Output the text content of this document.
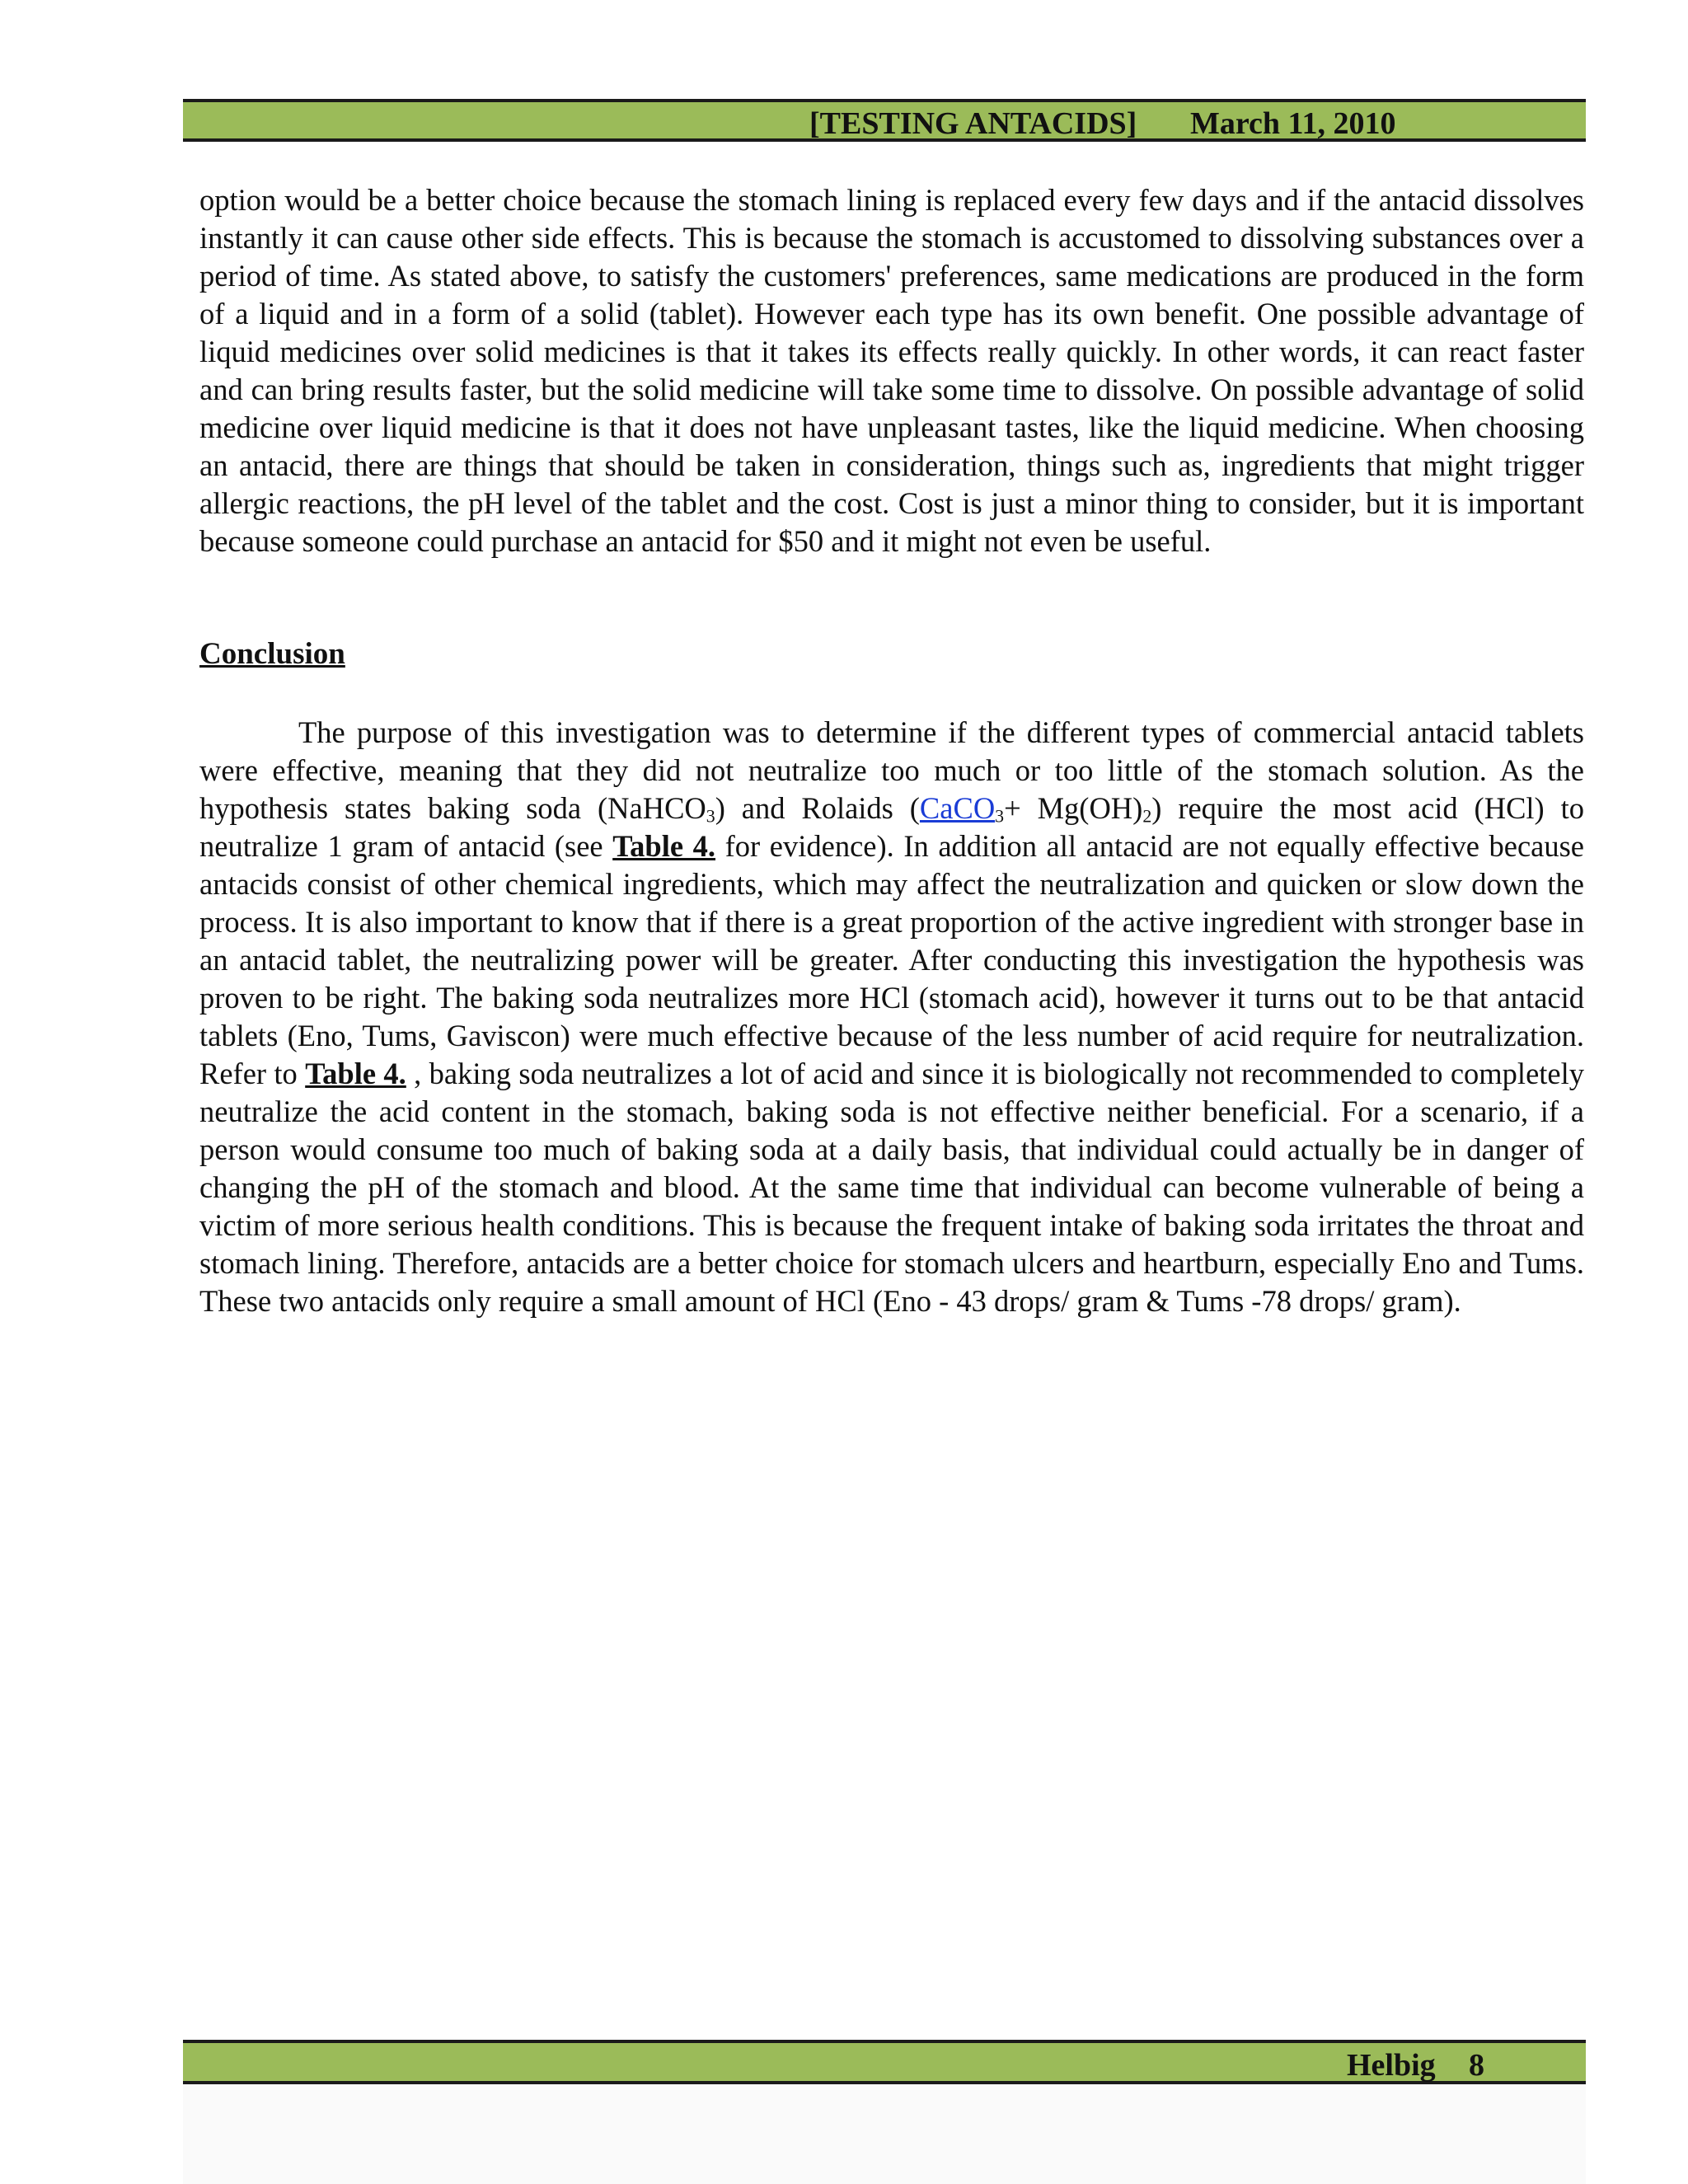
[TESTING ANTACIDS] March 11, 2010
option would be a better choice because the stomach lining is replaced every few days and if the antacid dissolves instantly it can cause other side effects. This is because the stomach is accustomed to dissolving substances over a period of time. As stated above, to satisfy the customers' preferences, same medications are produced in the form of a liquid and in a form of a solid (tablet). However each type has its own benefit. One possible advantage of liquid medicines over solid medicines is that it takes its effects really quickly. In other words, it can react faster and can bring results faster, but the solid medicine will take some time to dissolve. On possible advantage of solid medicine over liquid medicine is that it does not have unpleasant tastes, like the liquid medicine. When choosing an antacid, there are things that should be taken in consideration, things such as, ingredients that might trigger allergic reactions, the pH level of the tablet and the cost. Cost is just a minor thing to consider, but it is important because someone could purchase an antacid for $50 and it might not even be useful.
Conclusion
The purpose of this investigation was to determine if the different types of commercial antacid tablets were effective, meaning that they did not neutralize too much or too little of the stomach solution. As the hypothesis states baking soda (NaHCO$_3$) and Rolaids (CaCO$_3$+ $Mg(OH)_2$) require the most acid (HCl) to neutralize 1 gram of antacid (see Table 4. for evidence). In addition all antacid are not equally effective because antacids consist of other chemical ingredients, which may affect the neutralization and quicken or slow down the process. It is also important to know that if there is a great proportion of the active ingredient with stronger base in an antacid tablet, the neutralizing power will be greater. After conducting this investigation the hypothesis was proven to be right. The baking soda neutralizes more HCl (stomach acid), however it turns out to be that antacid tablets (Eno, Tums, Gaviscon) were much effective because of the less number of acid require for neutralization. Refer to Table 4. , baking soda neutralizes a lot of acid and since it is biologically not recommended to completely neutralize the acid content in the stomach, baking soda is not effective neither beneficial. For a scenario, if a person would consume too much of baking soda at a daily basis, that individual could actually be in danger of changing the pH of the stomach and blood. At the same time that individual can become vulnerable of being a victim of more serious health conditions. This is because the frequent intake of baking soda irritates the throat and stomach lining. Therefore, antacids are a better choice for stomach ulcers and heartburn, especially Eno and Tums. These two antacids only require a small amount of HCl (Eno - 43 drops/ gram & Tums -78 drops/ gram).
Helbig 8
